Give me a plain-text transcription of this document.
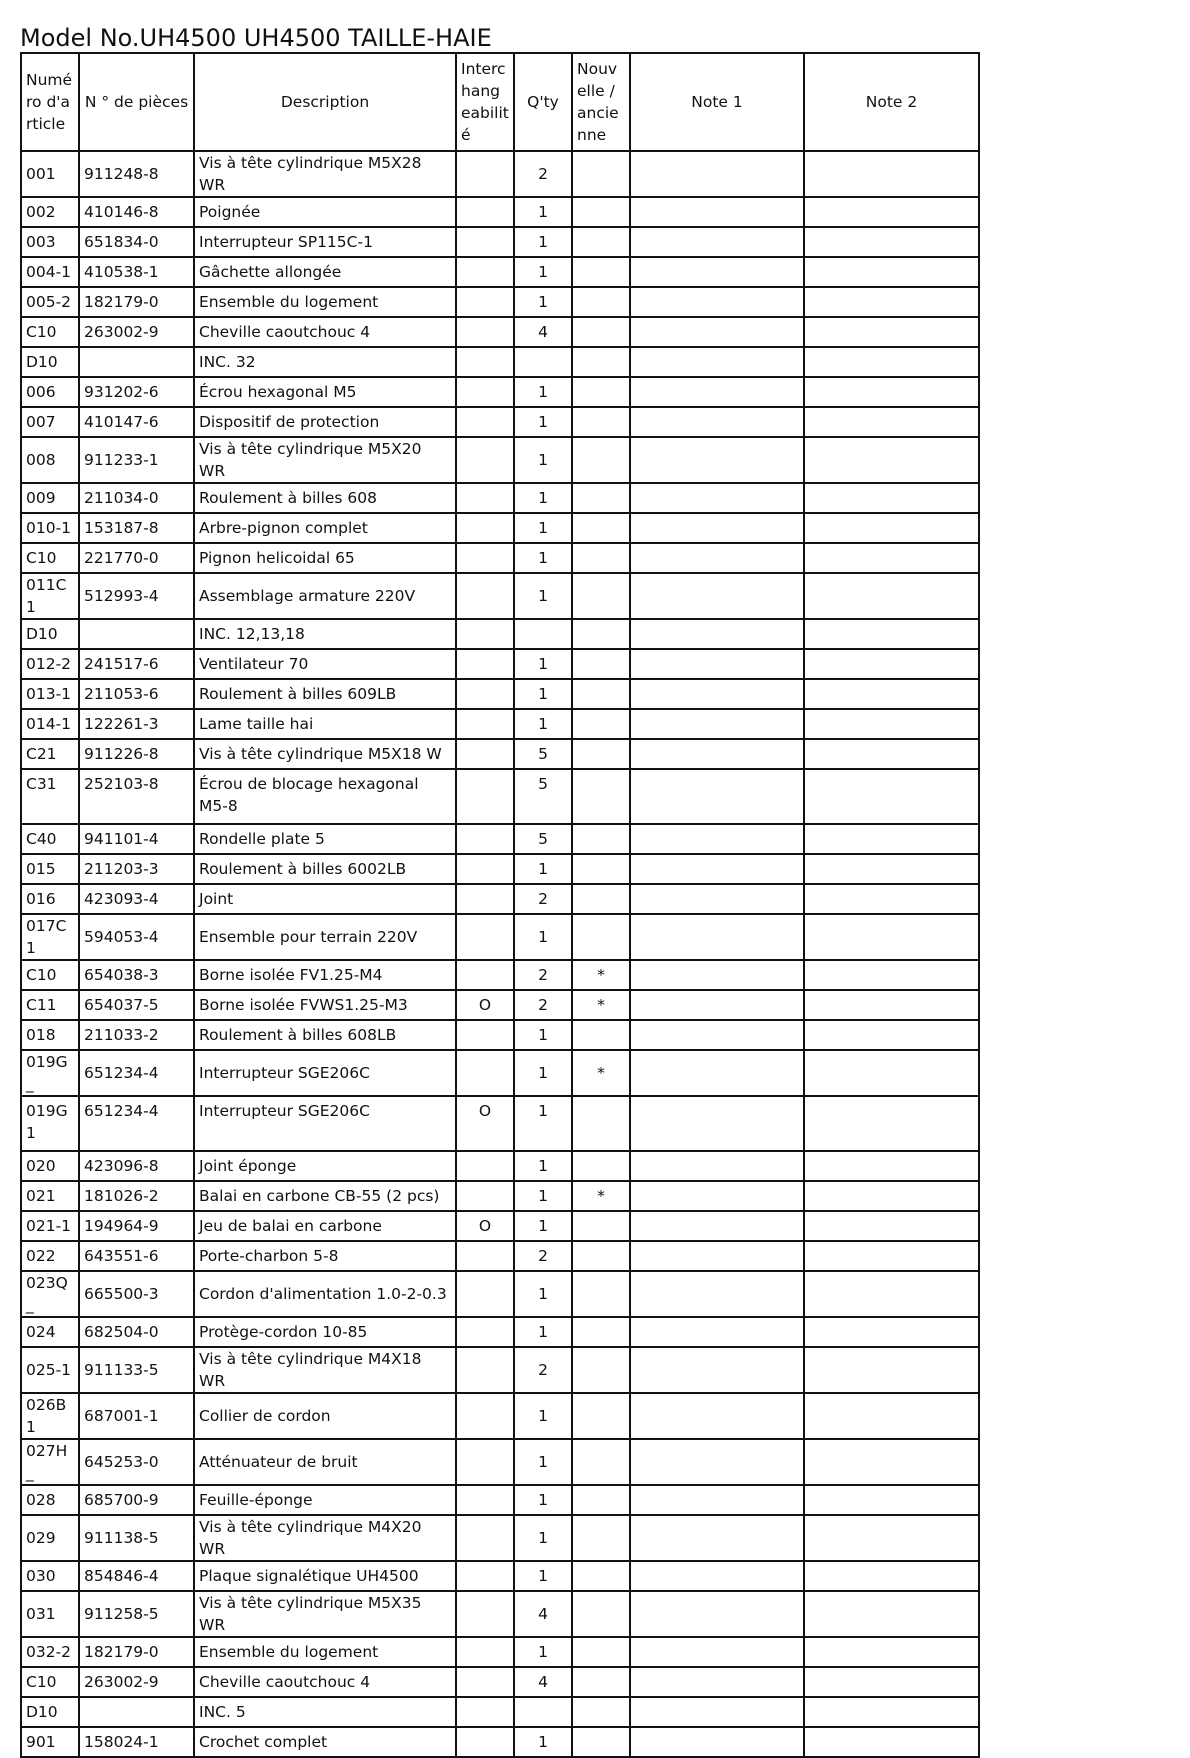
Model No.UH4500 UH4500 TAILLE-HAIE
Numé ro d'a rticle	N ° de pièces	Description	Interc hang eabilit é	Q'ty	Nouv elle / ancie nne	Note 1	Note 2
001	911248-8	Vis à tête cylindrique M5X28 WR		2			
002	410146-8	Poignée		1			
003	651834-0	Interrupteur SP115C-1		1			
004-1	410538-1	Gâchette allongée		1			
005-2	182179-0	Ensemble du logement		1			
C10	263002-9	Cheville caoutchouc 4		4			
D10		INC. 32					
006	931202-6	Écrou hexagonal M5		1			
007	410147-6	Dispositif de protection		1			
008	911233-1	Vis à tête cylindrique M5X20 WR		1			
009	211034-0	Roulement à billes 608		1			
010-1	153187-8	Arbre-pignon complet		1			
C10	221770-0	Pignon helicoidal 65		1			
011C1	512993-4	Assemblage armature 220V		1			
D10		INC. 12,13,18					
012-2	241517-6	Ventilateur 70		1			
013-1	211053-6	Roulement à billes 609LB		1			
014-1	122261-3	Lame taille hai		1			
C21	911226-8	Vis à tête cylindrique M5X18 W		5			
C31	252103-8	Écrou de blocage hexagonal M5-8		5			
C40	941101-4	Rondelle plate 5		5			
015	211203-3	Roulement à billes 6002LB		1			
016	423093-4	Joint		2			
017C1	594053-4	Ensemble pour terrain 220V		1			
C10	654038-3	Borne isolée FV1.25-M4		2	*		
C11	654037-5	Borne isolée FVWS1.25-M3	O	2	*		
018	211033-2	Roulement à billes 608LB		1			
019G_	651234-4	Interrupteur SGE206C		1	*		
019G1	651234-4	Interrupteur SGE206C	O	1			
020	423096-8	Joint éponge		1			
021	181026-2	Balai en carbone CB-55 (2 pcs)		1	*		
021-1	194964-9	Jeu de balai en carbone	O	1			
022	643551-6	Porte-charbon 5-8		2			
023Q_	665500-3	Cordon d'alimentation 1.0-2-0.3		1			
024	682504-0	Protège-cordon 10-85		1			
025-1	911133-5	Vis à tête cylindrique M4X18 WR		2			
026B1	687001-1	Collier de cordon		1			
027H_	645253-0	Atténuateur de bruit		1			
028	685700-9	Feuille-éponge		1			
029	911138-5	Vis à tête cylindrique M4X20 WR		1			
030	854846-4	Plaque signalétique UH4500		1			
031	911258-5	Vis à tête cylindrique M5X35 WR		4			
032-2	182179-0	Ensemble du logement		1			
C10	263002-9	Cheville caoutchouc 4		4			
D10		INC. 5					
901	158024-1	Crochet complet		1			
